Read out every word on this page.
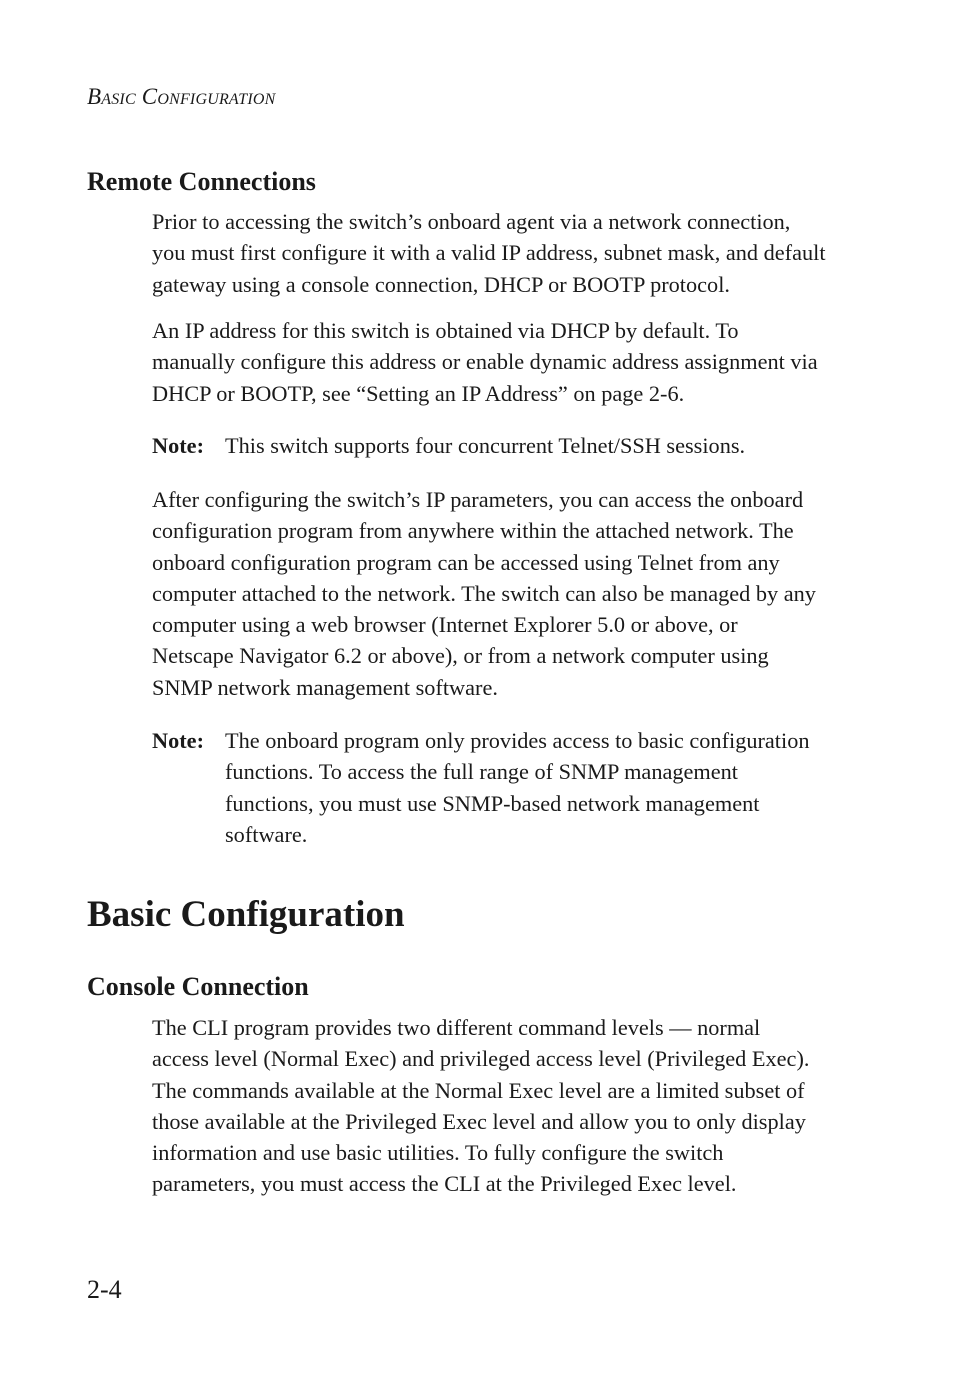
Basic Configuration
Remote Connections
Prior to accessing the switch’s onboard agent via a network connection,
you must first configure it with a valid IP address, subnet mask, and default
gateway using a console connection, DHCP or BOOTP protocol.
An IP address for this switch is obtained via DHCP by default. To
manually configure this address or enable dynamic address assignment via
DHCP or BOOTP, see “Setting an IP Address” on page 2-6.
Note: This switch supports four concurrent Telnet/SSH sessions.
After configuring the switch’s IP parameters, you can access the onboard
configuration program from anywhere within the attached network. The
onboard configuration program can be accessed using Telnet from any
computer attached to the network. The switch can also be managed by any
computer using a web browser (Internet Explorer 5.0 or above, or
Netscape Navigator 6.2 or above), or from a network computer using
SNMP network management software.
Note: The onboard program only provides access to basic configuration
functions. To access the full range of SNMP management
functions, you must use SNMP-based network management
software.
Basic Configuration
Console Connection
The CLI program provides two different command levels — normal
access level (Normal Exec) and privileged access level (Privileged Exec).
The commands available at the Normal Exec level are a limited subset of
those available at the Privileged Exec level and allow you to only display
information and use basic utilities. To fully configure the switch
parameters, you must access the CLI at the Privileged Exec level.
2-4
